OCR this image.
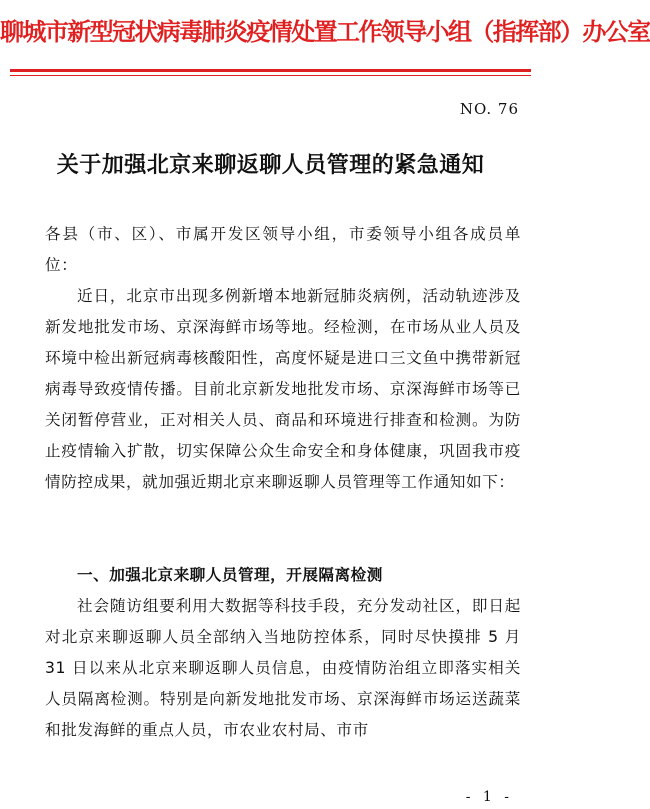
聊城市新型冠状病毒肺炎疫情处置工作领导小组（指挥部）办公室
NO. 76
关于加强北京来聊返聊人员管理的紧急通知
各县（市、区）、市属开发区领导小组，市委领导小组各成员单位：
近日，北京市出现多例新增本地新冠肺炎病例，活动轨迹涉及新发地批发市场、京深海鲜市场等地。经检测，在市场从业人员及环境中检出新冠病毒核酸阳性，高度怀疑是进口三文鱼中携带新冠病毒导致疫情传播。目前北京新发地批发市场、京深海鲜市场等已关闭暂停营业，正对相关人员、商品和环境进行排查和检测。为防止疫情输入扩散，切实保障公众生命安全和身体健康，巩固我市疫情防控成果，就加强近期北京来聊返聊人员管理等工作通知如下：
一、加强北京来聊人员管理，开展隔离检测
社会随访组要利用大数据等科技手段，充分发动社区，即日起对北京来聊返聊人员全部纳入当地防控体系，同时尽快摸排 5 月 31 日以来从北京来聊返聊人员信息，由疫情防治组立即落实相关人员隔离检测。特别是向新发地批发市场、京深海鲜市场运送蔬菜和批发海鲜的重点人员，市农业农村局、市市
- 1 -
